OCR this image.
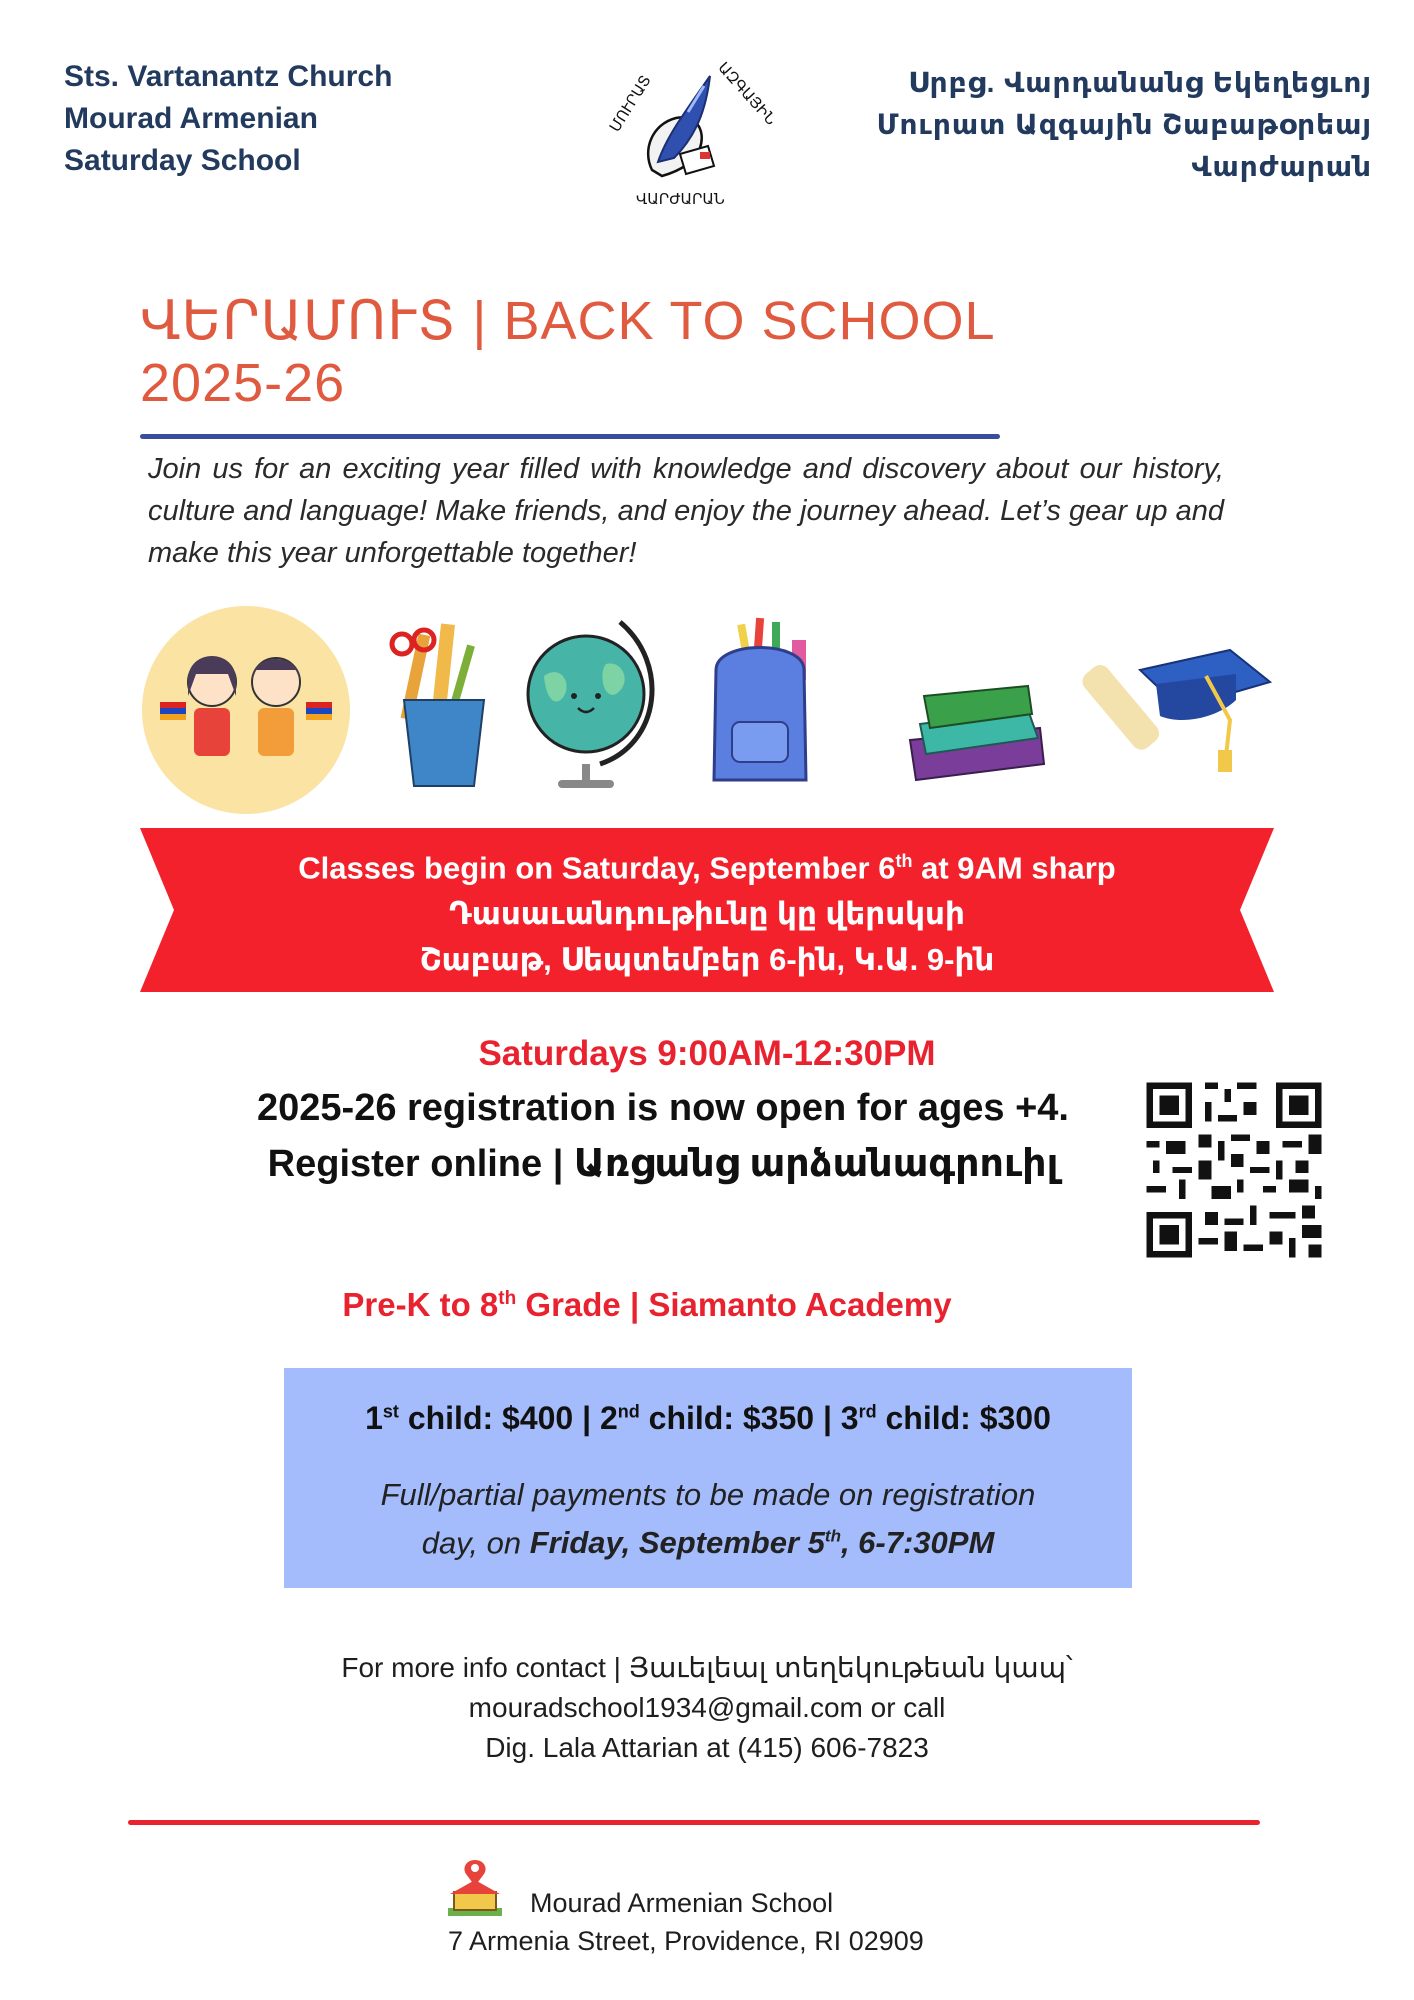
Sts. Vartanantz Church
Mourad Armenian
Saturday School
ՄՈՒՐԱՏ	ԱԶԳԱՅԻՆ
ՎԱՐԺԱՐԱՆ
Սրբց. Վարդանանց Եկեղեցւոյ
Մուրատ Ազգային Շաբաթօրեայ
Վարժարան
ՎԵՐԱՄՈՒՏ | BACK TO SCHOOL
2025-26
Join us for an exciting year filled with knowledge and discovery about our history, culture and language! Make friends, and enjoy the journey ahead. Let’s gear up and make this year unforgettable together!
Classes begin on Saturday, September 6th at 9AM sharp
Դասաւանդութիւնը կը վերսկսի
Շաբաթ, Սեպտեմբեր 6-ին, Կ.Ա. 9-ին
Saturdays 9:00AM-12:30PM
2025-26 registration is now open for ages +4.
Register online | Առցանց արձանագրուիլ
Pre-K to 8th Grade | Siamanto Academy
1st child: $400 | 2nd child: $350 | 3rd child: $300
Full/partial payments to be made on registration
day, on Friday, September 5th, 6-7:30PM
For more info contact | Յաւելեալ տեղեկութեան կապ՝
mouradschool1934@gmail.com or call
Dig. Lala Attarian at (415) 606-7823
Mourad Armenian School
7 Armenia Street, Providence, RI 02909
